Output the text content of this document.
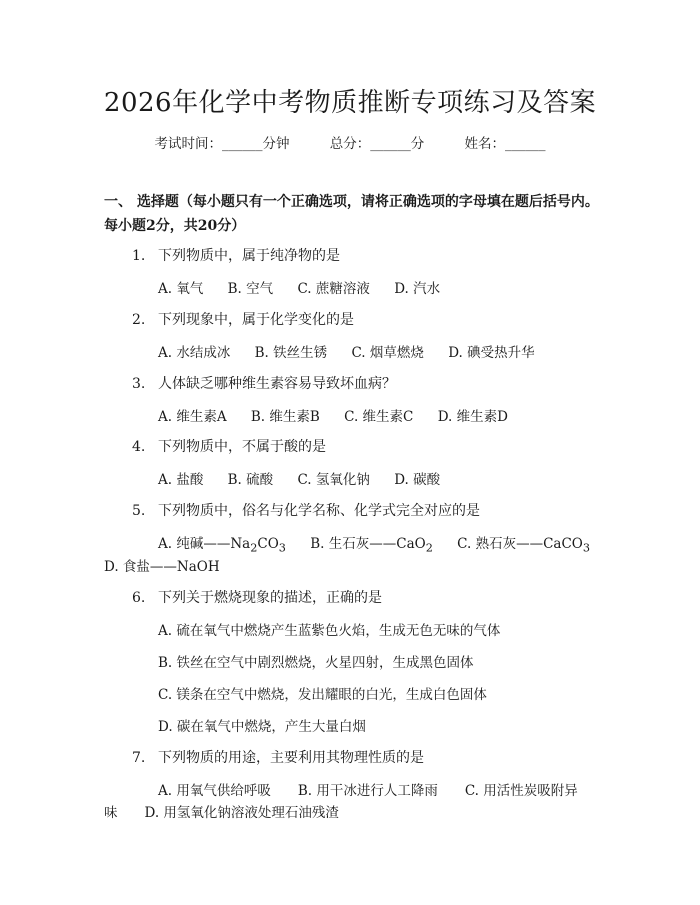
2026年化学中考物质推断专项练习及答案
考试时间：______分钟	总分：______分	姓名：______
一、 选择题（每小题只有一个正确选项，请将正确选项的字母填在题后括号内。每小题2分，共20分）
1. 下列物质中，属于纯净物的是
A. 氧气 B. 空气 C. 蔗糖溶液 D. 汽水
2. 下列现象中，属于化学变化的是
A. 水结成冰 B. 铁丝生锈 C. 烟草燃烧 D. 碘受热升华
3. 人体缺乏哪种维生素容易导致坏血病？
A. 维生素A B. 维生素B C. 维生素C D. 维生素D
4. 下列物质中，不属于酸的是
A. 盐酸 B. 硫酸 C. 氢氧化钠 D. 碳酸
5. 下列物质中，俗名与化学名称、化学式完全对应的是
A. 纯碱$——Na_2CO_3$ B. 生石灰——CaO$_2$ C. 熟石灰——CaCO$_3$
D. 食盐——NaOH
6. 下列关于燃烧现象的描述，正确的是
A. 硫在氧气中燃烧产生蓝紫色火焰，生成无色无味的气体
B. 铁丝在空气中剧烈燃烧，火星四射，生成黑色固体
C. 镁条在空气中燃烧，发出耀眼的白光，生成白色固体
D. 碳在氧气中燃烧，产生大量白烟
7. 下列物质的用途，主要利用其物理性质的是
A. 用氧气供给呼吸　　B. 用干冰进行人工降雨　　C. 用活性炭吸附异
味　　D. 用氢氧化钠溶液处理石油残渣
